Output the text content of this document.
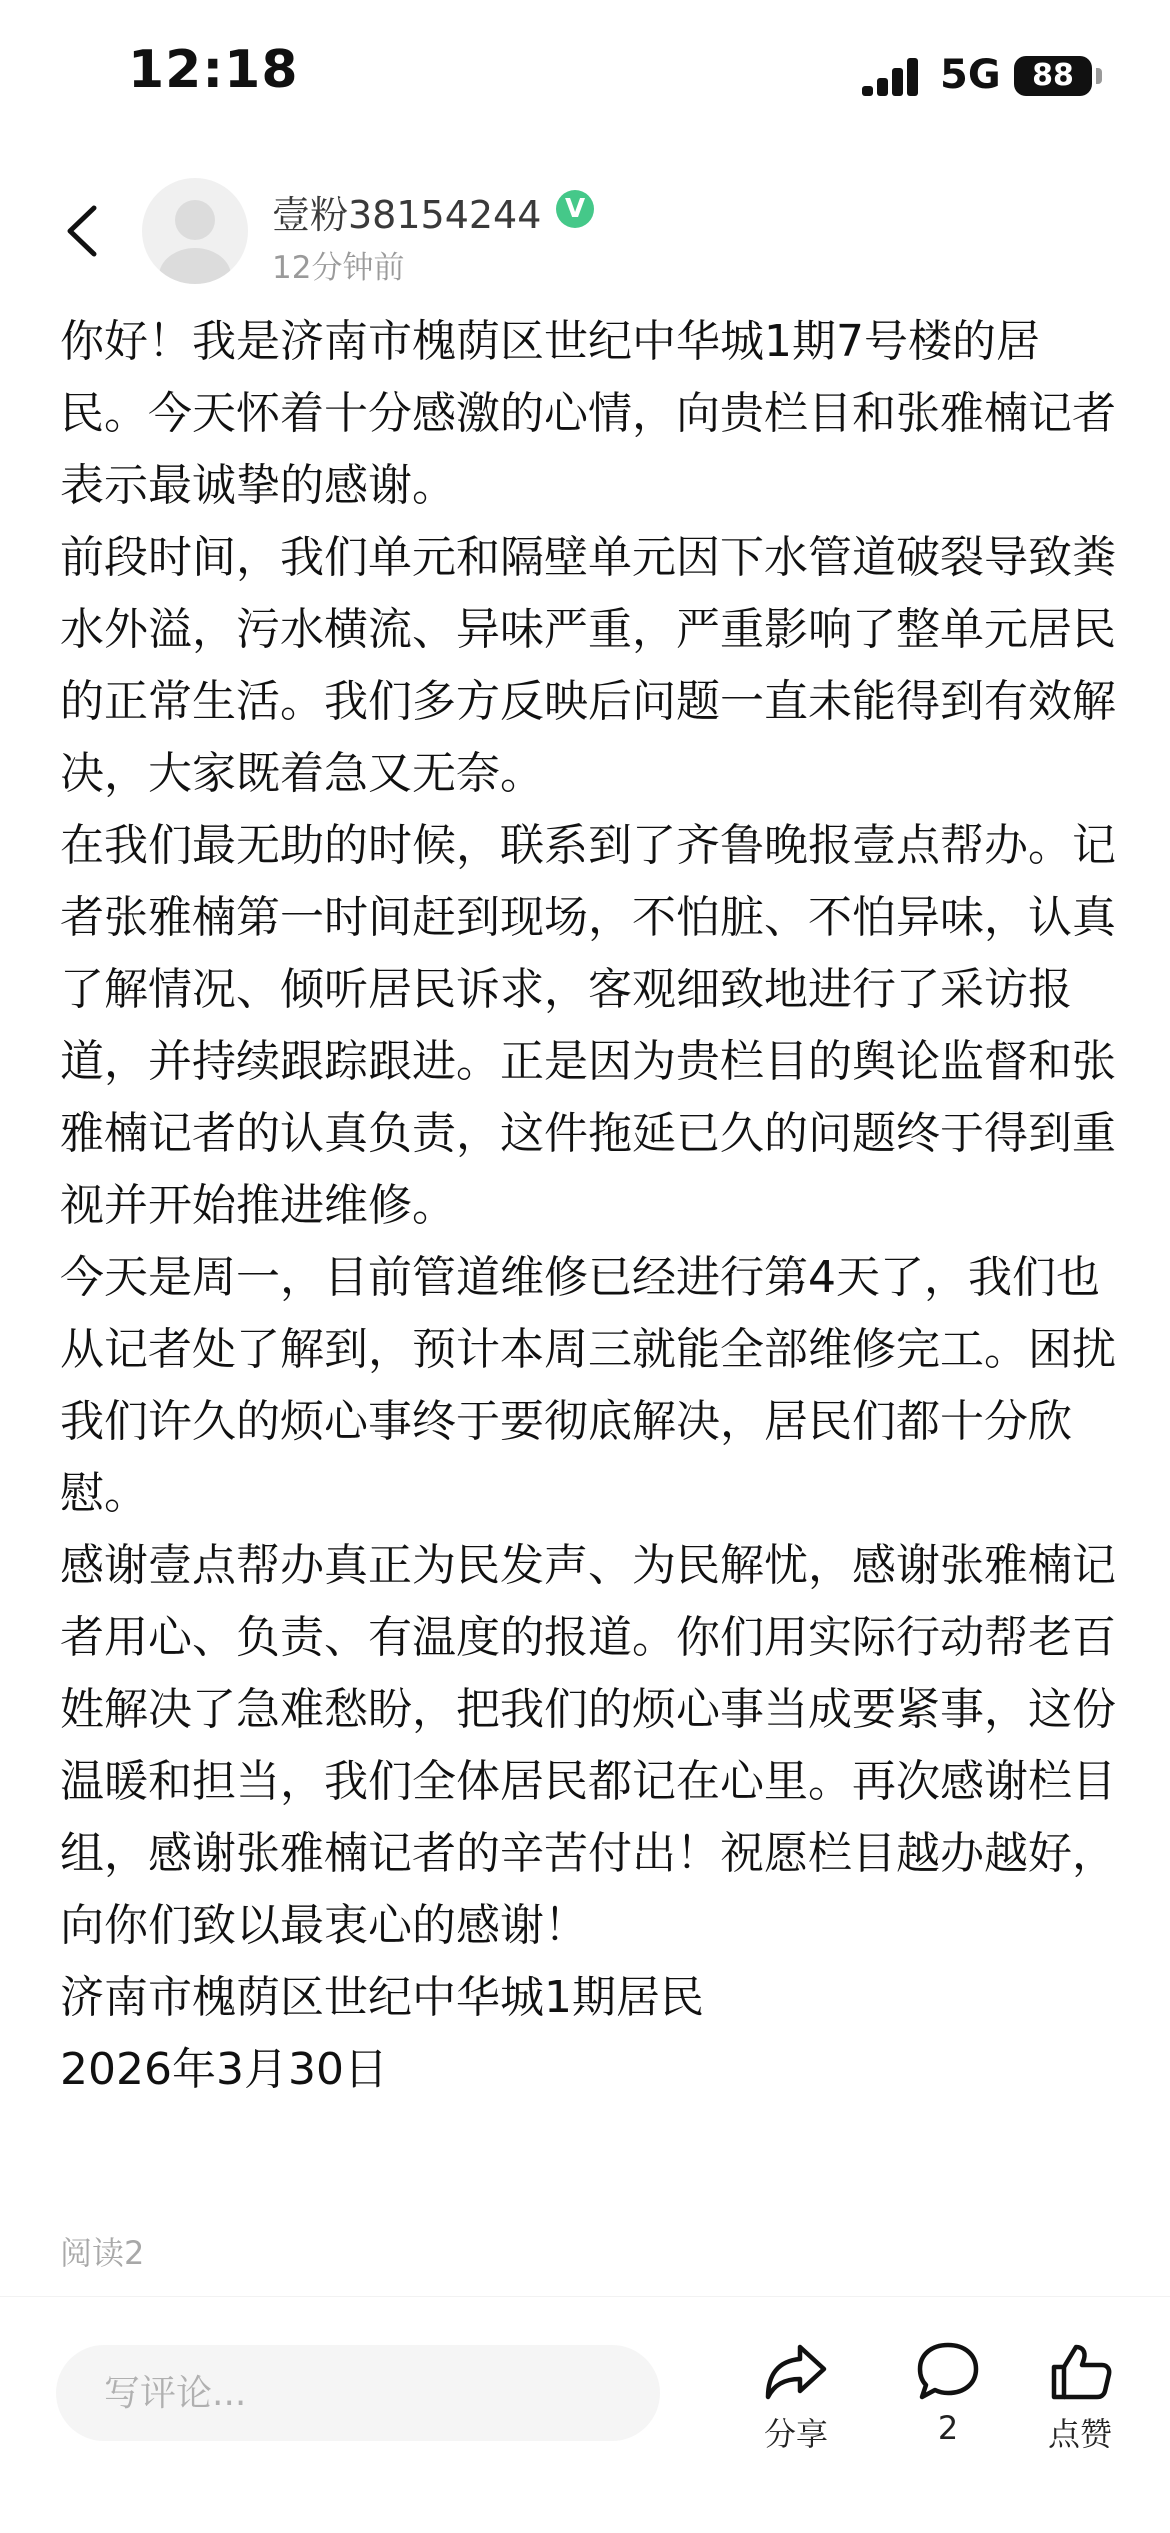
12:18	5G	88
壹粉38154244 V
12分钟前

你好！我是济南市槐荫区世纪中华城1期7号楼的居民。今天怀着十分感激的心情，向贵栏目和张雅楠记者表示最诚挚的感谢。

前段时间，我们单元和隔壁单元因下水管道破裂导致粪水外溢，污水横流、异味严重，严重影响了整单元居民的正常生活。我们多方反映后问题一直未能得到有效解决，大家既着急又无奈。

在我们最无助的时候，联系到了齐鲁晚报壹点帮办。记者张雅楠第一时间赶到现场，不怕脏、不怕异味，认真了解情况、倾听居民诉求，客观细致地进行了采访报道，并持续跟踪跟进。正是因为贵栏目的舆论监督和张雅楠记者的认真负责，这件拖延已久的问题终于得到重视并开始推进维修。

今天是周一，目前管道维修已经进行第4天了，我们也从记者处了解到，预计本周三就能全部维修完工。困扰我们许久的烦心事终于要彻底解决，居民们都十分欣慰。

感谢壹点帮办真正为民发声、为民解忧，感谢张雅楠记者用心、负责、有温度的报道。你们用实际行动帮老百姓解决了急难愁盼，把我们的烦心事当成要紧事，这份温暖和担当，我们全体居民都记在心里。再次感谢栏目组，感谢张雅楠记者的辛苦付出！祝愿栏目越办越好，向你们致以最衷心的感谢！

济南市槐荫区世纪中华城1期居民

2026年3月30日

阅读2
写评论...
分享	2	点赞
